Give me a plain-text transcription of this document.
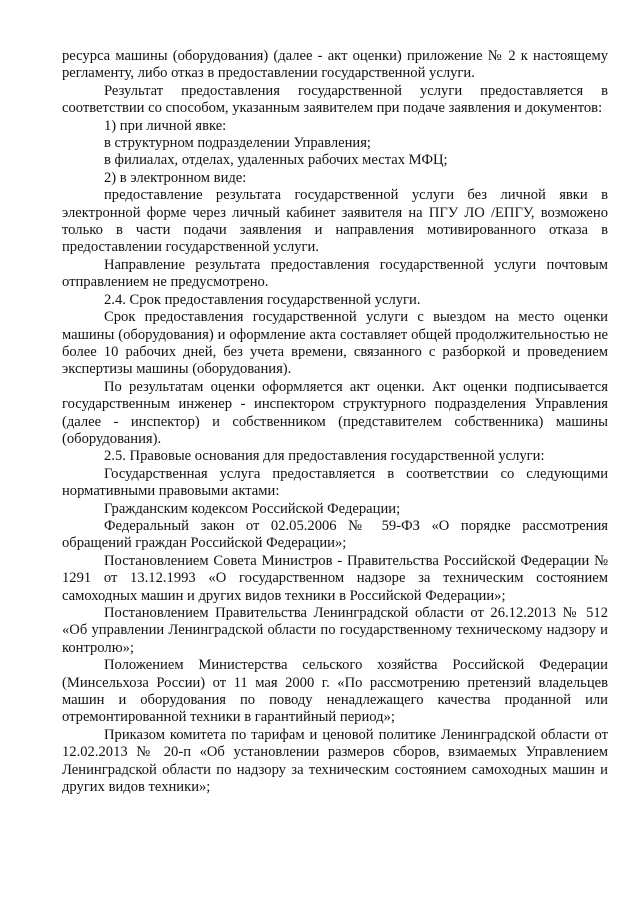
ресурса машины (оборудования) (далее - акт оценки) приложение № 2 к настоящему регламенту, либо отказ в предоставлении государственной услуги.

Результат предоставления государственной услуги предоставляется в соответствии со способом, указанным заявителем при подаче заявления и документов:

1) при личной явке:

в структурном подразделении Управления;

в филиалах, отделах, удаленных рабочих местах МФЦ;

2) в электронном виде:

предоставление результата государственной услуги без личной явки в электронной форме через личный кабинет заявителя на ПГУ ЛО /ЕПГУ, возможено только в части подачи заявления и направления мотивированного отказа в предоставлении государственной услуги.

Направление результата предоставления государственной услуги почтовым отправлением не предусмотрено.

2.4. Срок предоставления государственной услуги.

Срок предоставления государственной услуги с выездом на место оценки машины (оборудования) и оформление акта составляет общей продолжительностью не более 10 рабочих дней, без учета времени, связанного с разборкой и проведением экспертизы машины (оборудования).

По результатам оценки оформляется акт оценки. Акт оценки подписывается государственным инженер - инспектором структурного подразделения Управления (далее - инспектор) и собственником (представителем собственника) машины (оборудования).

2.5. Правовые основания для предоставления государственной услуги:

Государственная услуга предоставляется в соответствии со следующими нормативными правовыми актами:

Гражданским кодексом Российской Федерации;

Федеральный закон от 02.05.2006 № 59-ФЗ «О порядке рассмотрения обращений граждан Российской Федерации»;

Постановлением Совета Министров - Правительства Российской Федерации № 1291 от 13.12.1993 «О государственном надзоре за техническим состоянием самоходных машин и других видов техники в Российской Федерации»;

Постановлением Правительства Ленинградской области от 26.12.2013 № 512 «Об управлении Ленинградской области по государственному техническому надзору и контролю»;

Положением Министерства сельского хозяйства Российской Федерации (Минсельхоза России) от 11 мая 2000 г. «По рассмотрению претензий владельцев машин и оборудования по поводу ненадлежащего качества проданной или отремонтированной техники в гарантийный период»;

Приказом комитета по тарифам и ценовой политике Ленинградской области от 12.02.2013 № 20-п «Об установлении размеров сборов, взимаемых Управлением Ленинградской области по надзору за техническим состоянием самоходных машин и других видов техники»;
